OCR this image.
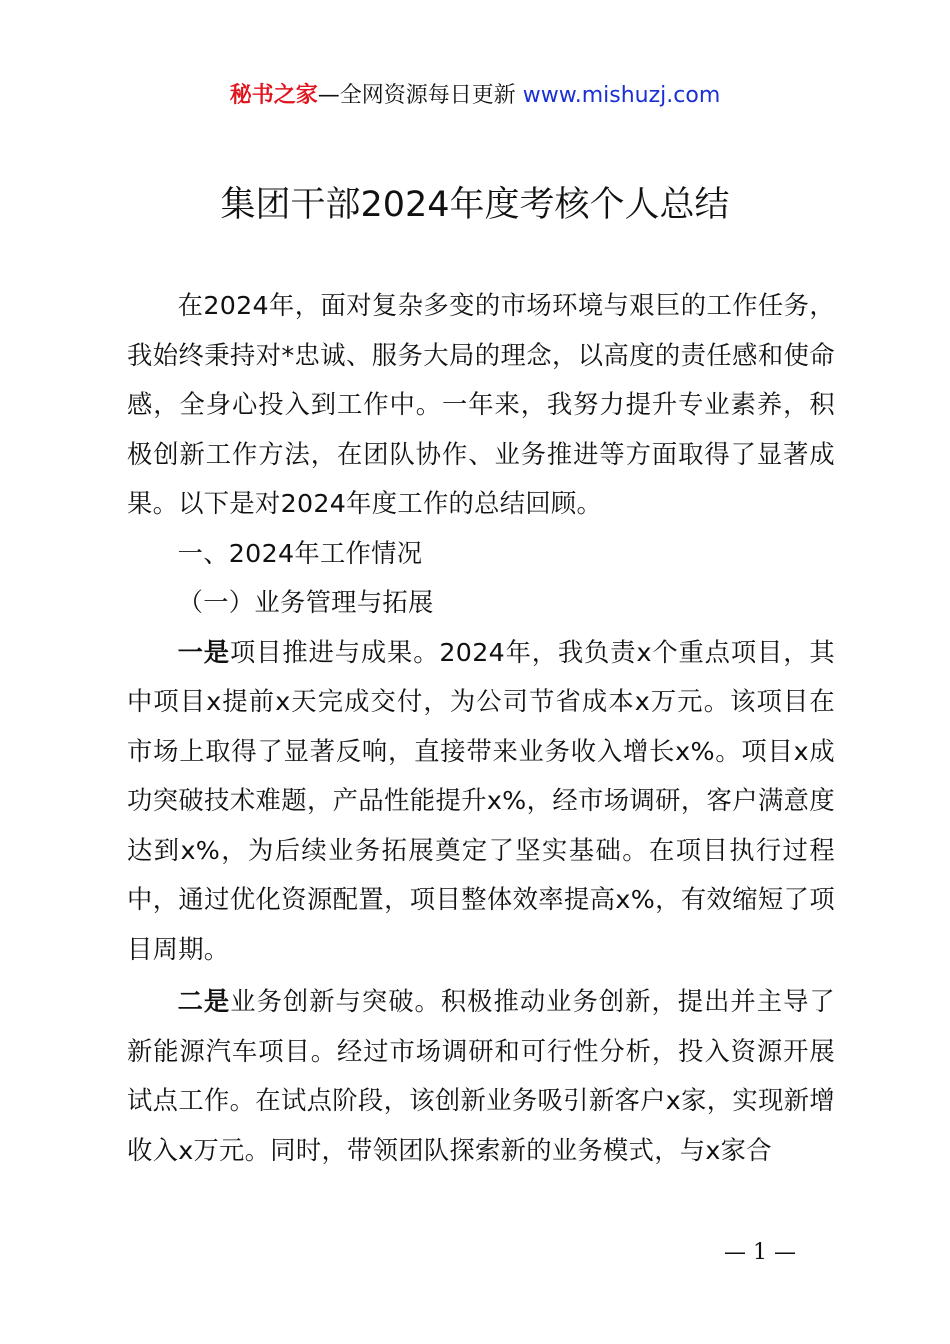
秘书之家—全网资源每日更新 www.mishuzj.com
集团干部2024年度考核个人总结

在2024年，面对复杂多变的市场环境与艰巨的工作任务，我始终秉持对*忠诚、服务大局的理念，以高度的责任感和使命感，全身心投入到工作中。一年来，我努力提升专业素养，积极创新工作方法，在团队协作、业务推进等方面取得了显著成果。以下是对2024年度工作的总结回顾。

一、2024年工作情况

（一）业务管理与拓展

一是项目推进与成果。2024年，我负责x个重点项目，其中项目x提前x天完成交付，为公司节省成本x万元。该项目在市场上取得了显著反响，直接带来业务收入增长x%。项目x成功突破技术难题，产品性能提升x%，经市场调研，客户满意度达到x%，为后续业务拓展奠定了坚实基础。在项目执行过程中，通过优化资源配置，项目整体效率提高x%，有效缩短了项目周期。

二是业务创新与突破。积极推动业务创新，提出并主导了新能源汽车项目。经过市场调研和可行性分析，投入资源开展试点工作。在试点阶段，该创新业务吸引新客户x家，实现新增收入x万元。同时，带领团队探索新的业务模式，与x家合

— 1 —
